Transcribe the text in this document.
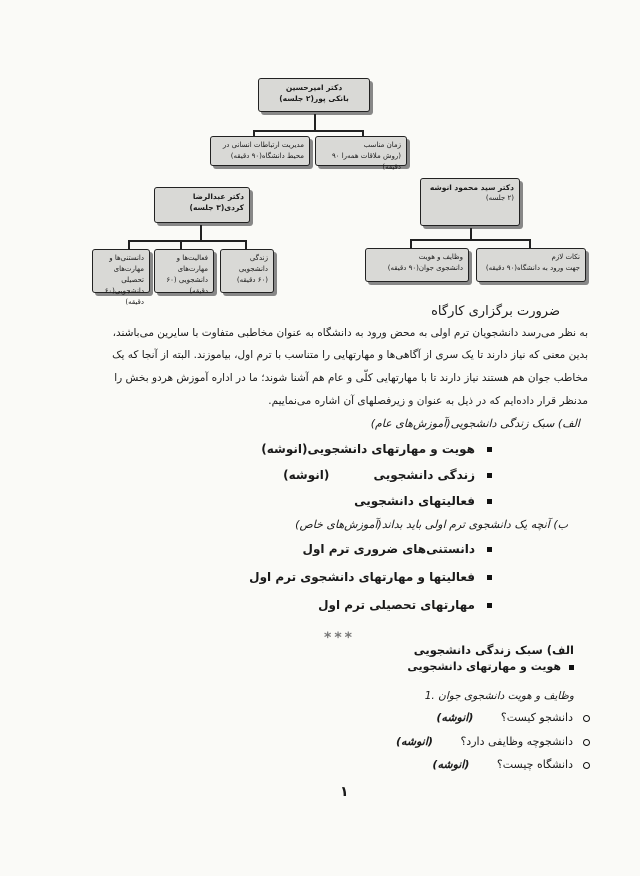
دکتر امیرحسین
بانکی پور(۲ جلسه)
زمان مناسب
(روش ملاقات همه‌را ۹۰ دقیقه)
مدیریت ارتباطات انسانی در
محیط دانشگاه(۹۰ دقیقه)
دکتر عبدالرضا
کردی(۳ جلسه)
زندگی دانشجویی
(۶۰ دقیقه)
فعالیت‌ها و
مهارت‌های دانشجویی (۶۰ دقیقه)
دانستنی‌ها و
مهارت‌های تحصیلی دانشجویی(۶۰ دقیقه)
دکتر سید محمود انوشه
(۲ جلسه)
نکات لازم
جهت ورود به دانشگاه(۹۰ دقیقه)
وظایف و هویت
دانشجوی جوان(۹۰ دقیقه)
ضرورت برگزاری کارگاه
به نظر می‌رسد دانشجویان ترم اولی به محض ورود به دانشگاه به عنوان مخاطبی متفاوت با سایرین می‌باشند،
بدین معنی که نیاز دارند تا یک سری از آگاهی‌ها و مهارتهایی را متناسب با ترم اول، بیاموزند. البته از آنجا که یک
مخاطب جوان هم هستند نیاز دارند تا با مهارتهایی کلّی و عام هم آشنا شوند؛ ما در اداره آموزش هردو بخش را
مدنظر قرار داده‌ایم که در ذیل به عنوان و زیرفصلهای آن اشاره می‌نماییم.
الف) سبک زندگی دانشجویی(آموزش‌های عام)
هویت و مهارتهای دانشجویی(انوشه)
زندگی دانشجویی (انوشه)
فعالیتهای دانشجویی
ب) آنچه یک دانشجوی ترم اولی باید بداند(آموزش‌های خاص)
دانستنی‌های ضروری ترم اول
فعالیتها و مهارتهای دانشجوی ترم اول
مهارتهای تحصیلی ترم اول
***
الف) سبک زندگی دانشجویی
هویت و مهارتهای دانشجویی
1. وظایف و هویت دانشجوی جوان
دانشجو کیست؟ (انوشه)
دانشجوچه وظایفی دارد؟ (انوشه)
دانشگاه چیست؟ (انوشه)
۱
